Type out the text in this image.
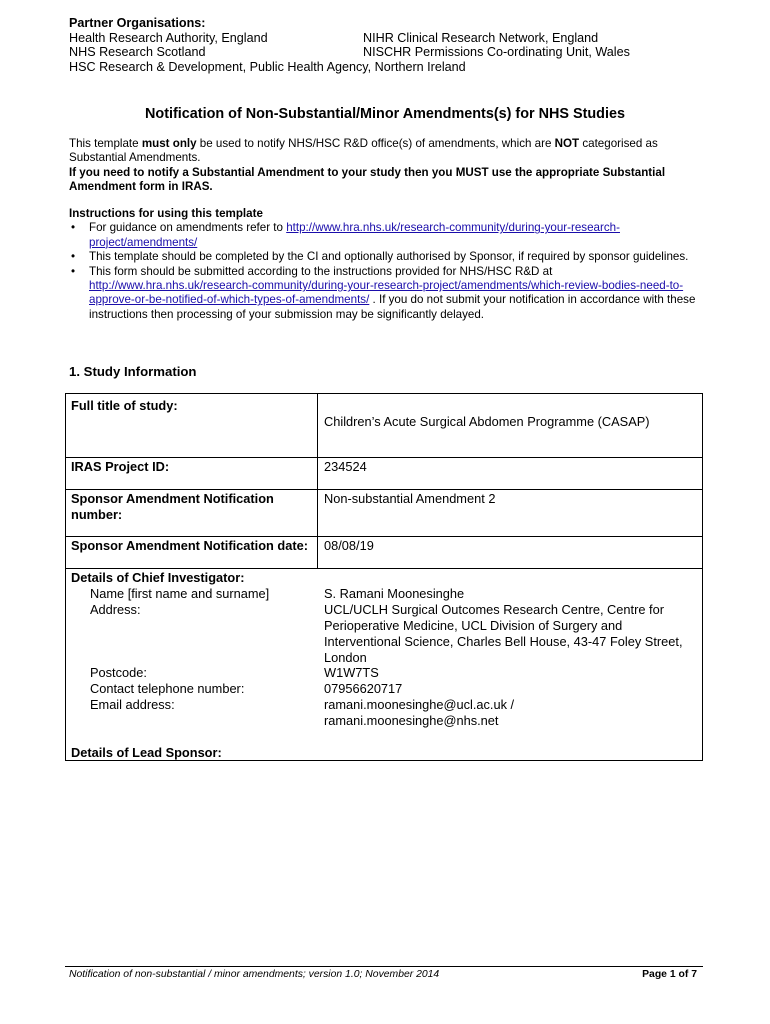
Partner Organisations:
Health Research Authority, England	NIHR Clinical Research Network, England
NHS Research Scotland	NISCHR Permissions Co-ordinating Unit, Wales
HSC Research & Development, Public Health Agency, Northern Ireland
Notification of Non-Substantial/Minor Amendments(s) for NHS Studies

This template must only be used to notify NHS/HSC R&D office(s) of amendments, which are NOT categorised as Substantial Amendments.

If you need to notify a Substantial Amendment to your study then you MUST use the appropriate Substantial Amendment form in IRAS.

Instructions for using this template
• For guidance on amendments refer to http://www.hra.nhs.uk/research-community/during-your-research-project/amendments/
• This template should be completed by the CI and optionally authorised by Sponsor, if required by sponsor guidelines.
• This form should be submitted according to the instructions provided for NHS/HSC R&D at http://www.hra.nhs.uk/research-community/during-your-research-project/amendments/which-review-bodies-need-to-approve-or-be-notified-of-which-types-of-amendments/ . If you do not submit your notification in accordance with these instructions then processing of your submission may be significantly delayed.
1. Study Information
Full title of study:
Children’s Acute Surgical Abdomen Programme (CASAP)
IRAS Project ID:	234524
Sponsor Amendment Notification number:
Non-substantial Amendment 2
Sponsor Amendment Notification date: 08/08/19
Details of Chief Investigator:
Name [first name and surname]	S. Ramani Moonesinghe
Address:	UCL/UCLH Surgical Outcomes Research Centre, Centre for Perioperative Medicine, UCL Division of Surgery and Interventional Science, Charles Bell House, 43-47 Foley Street, London
Postcode:	W1W7TS
Contact telephone number:	07956620717
Email address:	ramani.moonesinghe@ucl.ac.uk / ramani.moonesinghe@nhs.net
Details of Lead Sponsor:
Notification of non-substantial / minor amendments; version 1.0; November 2014	Page 1 of 7
